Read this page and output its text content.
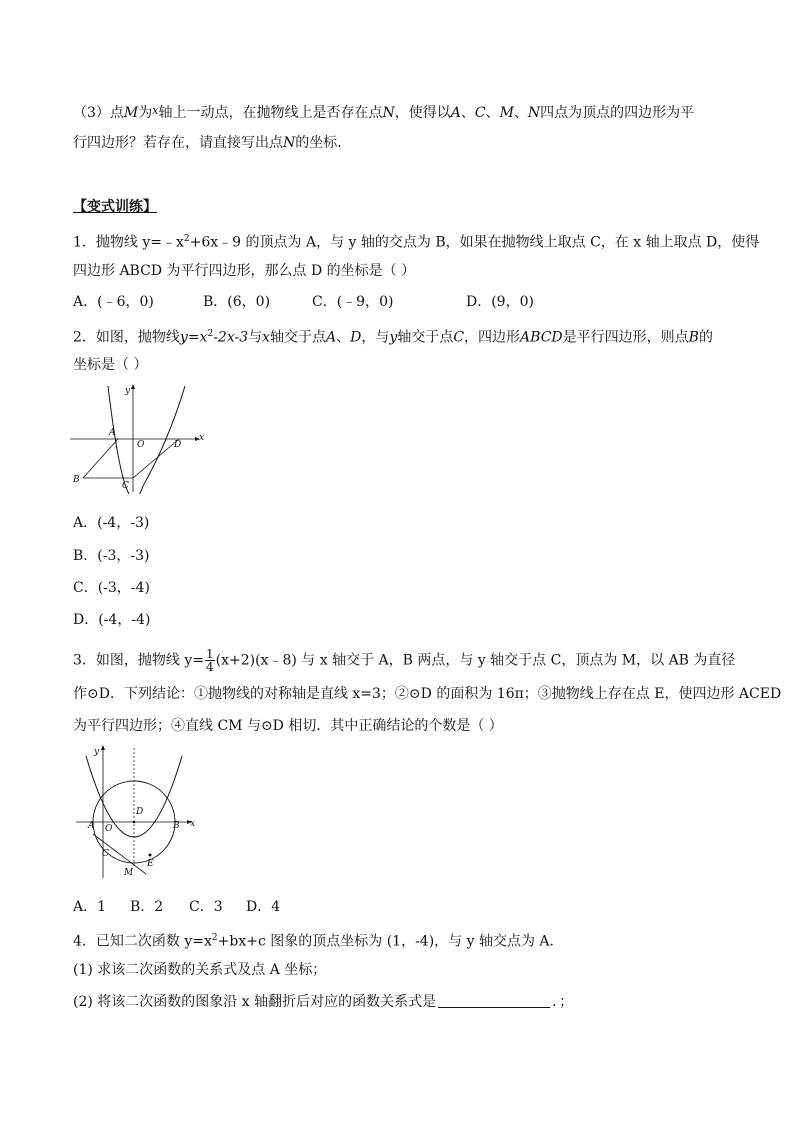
（3）点M为$^x$轴上一动点，在抛物线上是否存在点N，使得以A、C、M、N四点为顶点的四边形为平
行四边形？若存在，请直接写出点N的坐标．
【变式训练】
1．抛物线 $y=﹣x^2+6x﹣9$ 的顶点为 A，与 y 轴的交点为 B，如果在抛物线上取点 C，在 x 轴上取点 D，使得
四边形 ABCD 为平行四边形，那么点 D 的坐标是（ ）
A．(﹣6，0)	B．(6，0)	C．(﹣9，0)	D．(9，0)
2．如图，抛物线$y=x^2-2x-3$与x轴交于点A、D，与y轴交于点C，四边形ABCD是平行四边形，则点B的
坐标是（ ）
y
x
A
O	D
B
C
A．(-4，-3)
B．(-3，-3)
C．(-3，-4)
D．(-4，-4)
3．如图，抛物线 $y= \frac{1}{4}$ (x+2)(x﹣8) 与 x 轴交于 A，B 两点，与 y 轴交于点 C，顶点为 M，以 AB 为直径
作⊙D．下列结论：①抛物线的对称轴是直线 x=3；②⊙D 的面积为 16π；③抛物线上存在点 E，使四边形 ACED
为平行四边形；④直线 CM 与⊙D 相切．其中正确结论的个数是（ ）
y
x
A O
D
B
C
E
M
A．1 B．2 C．3 D．4
4．已知二次函数 $y=x^2+bx+c$ 图象的顶点坐标为 (1，-4)，与 y 轴交点为 A．
(1) 求该二次函数的关系式及点 A 坐标；
(2) 将该二次函数的图象沿 x 轴翻折后对应的函数关系式是	．；
